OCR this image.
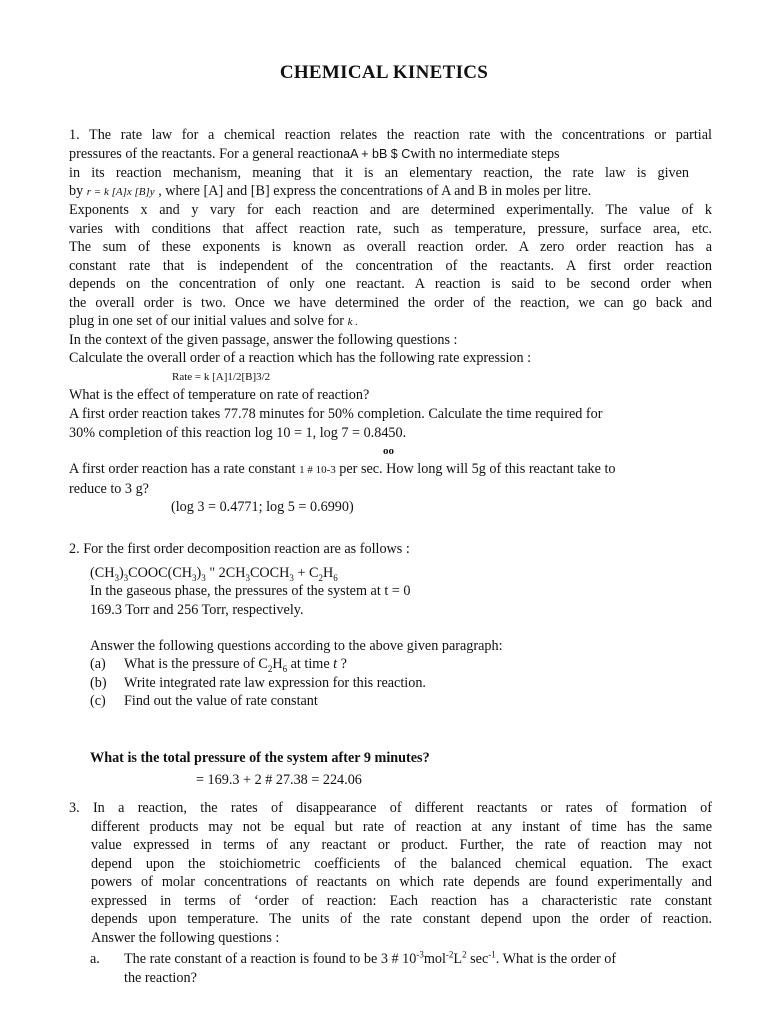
CHEMICAL KINETICS
1. The rate law for a chemical reaction relates the reaction rate with the concentrations or partial
pressures of the reactants. For a general reactionaA + bB $ Cwith no intermediate steps
in its reaction mechanism, meaning that it is an elementary reaction, the rate law is given
by r = k [A]x [B]y , where [A] and [B] express the concentrations of A and B in moles per litre.
Exponents x and y vary for each reaction and are determined experimentally. The value of k
varies with conditions that affect reaction rate, such as temperature, pressure, surface area, etc.
The sum of these exponents is known as overall reaction order. A zero order reaction has a
constant rate that is independent of the concentration of the reactants. A first order reaction
depends on the concentration of only one reactant. A reaction is said to be second order when
the overall order is two. Once we have determined the order of the reaction, we can go back and
plug in one set of our initial values and solve for k .
In the context of the given passage, answer the following questions :
Calculate the overall order of a reaction which has the following rate expression :
Rate = k [A]1/2[B]3/2
What is the effect of temperature on rate of reaction?
A first order reaction takes 77.78 minutes for 50% completion. Calculate the time required for
30% completion of this reaction log 10 = 1, log 7 = 0.8450.
oo
A first order reaction has a rate constant 1 # 10-3 per sec. How long will 5g of this reactant take to
reduce to 3 g?
(log 3 = 0.4771; log 5 = 0.6990)
2. For the first order decomposition reaction are as follows :
$(CH_3)_3COOC(CH_3)_3$ " $2CH_3COCH_3 + C_2H_6$
In the gaseous phase, the pressures of the system at t = 0
169.3 Torr and 256 Torr, respectively.
Answer the following questions according to the above given paragraph:
(a) What is the pressure of $C_2H_6$ at time t ?
(b) Write integrated rate law expression for this reaction.
(c) Find out the value of rate constant
What is the total pressure of the system after 9 minutes?
= 169.3 + 2 # 27.38 = 224.06
3. In a reaction, the rates of disappearance of different reactants or rates of formation of
different products may not be equal but rate of reaction at any instant of time has the same
value expressed in terms of any reactant or product. Further, the rate of reaction may not
depend upon the stoichiometric coefficients of the balanced chemical equation. The exact
powers of molar concentrations of reactants on which rate depends are found experimentally and
expressed in terms of ‘order of reaction: Each reaction has a characteristic rate constant
depends upon temperature. The units of the rate constant depend upon the order of reaction.
Answer the following questions :
a. The rate constant of a reaction is found to be 3 # $10^{-3}mol^{-2}L^2$ $\sec^{-1}$. What is the order of
the reaction?
